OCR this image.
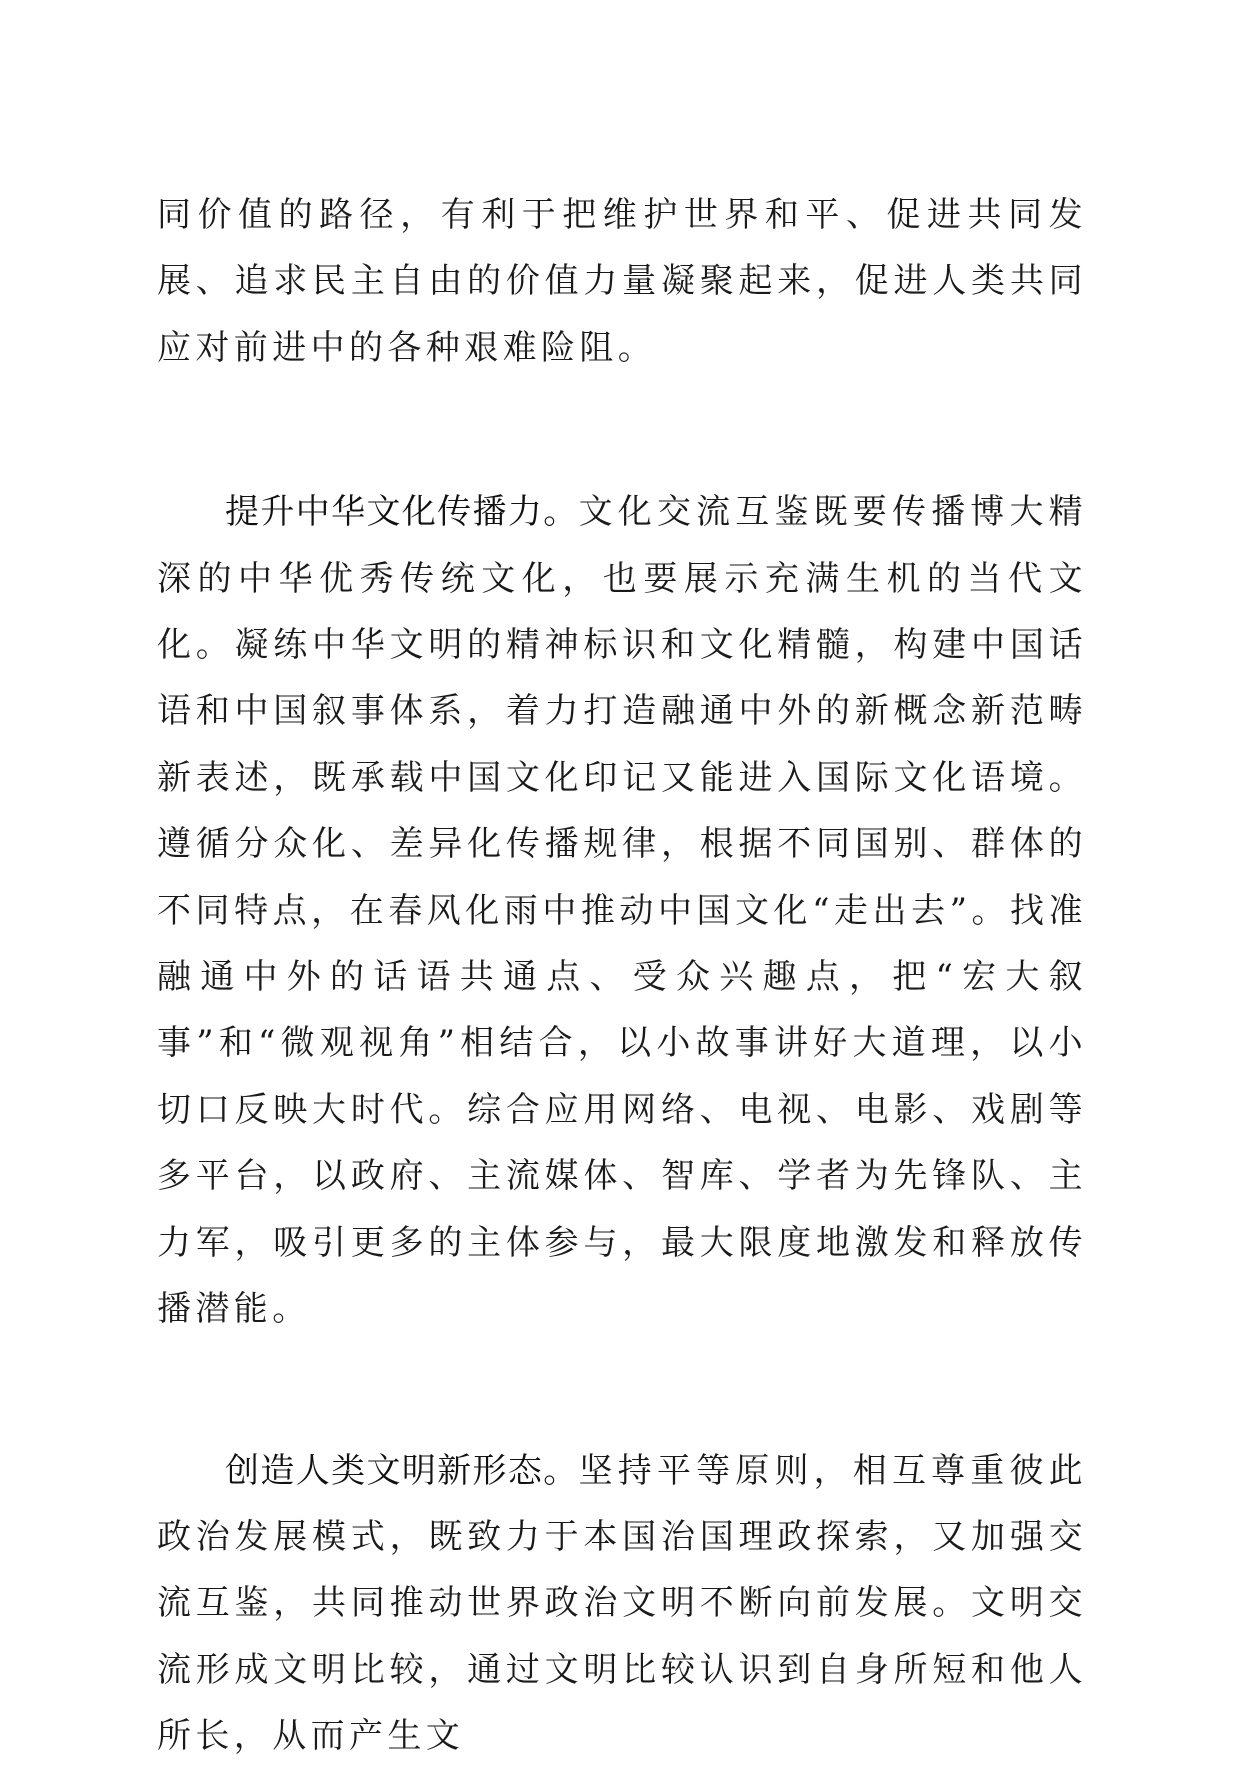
同价值的路径，有利于把维护世界和平、促进共同发展、追求民主自由的价值力量凝聚起来，促进人类共同应对前进中的各种艰难险阻。

提升中华文化传播力。文化交流互鉴既要传播博大精深的中华优秀传统文化，也要展示充满生机的当代文化。凝练中华文明的精神标识和文化精髓，构建中国话语和中国叙事体系，着力打造融通中外的新概念新范畴新表述，既承载中国文化印记又能进入国际文化语境。遵循分众化、差异化传播规律，根据不同国别、群体的不同特点，在春风化雨中推动中国文化“走出去”。找准融通中外的话语共通点、受众兴趣点，把“宏大叙事”和“微观视角”相结合，以小故事讲好大道理，以小切口反映大时代。综合应用网络、电视、电影、戏剧等多平台，以政府、主流媒体、智库、学者为先锋队、主力军，吸引更多的主体参与，最大限度地激发和释放传播潜能。

创造人类文明新形态。坚持平等原则，相互尊重彼此政治发展模式，既致力于本国治国理政探索，又加强交流互鉴，共同推动世界政治文明不断向前发展。文明交流形成文明比较，通过文明比较认识到自身所短和他人所长，从而产生文
